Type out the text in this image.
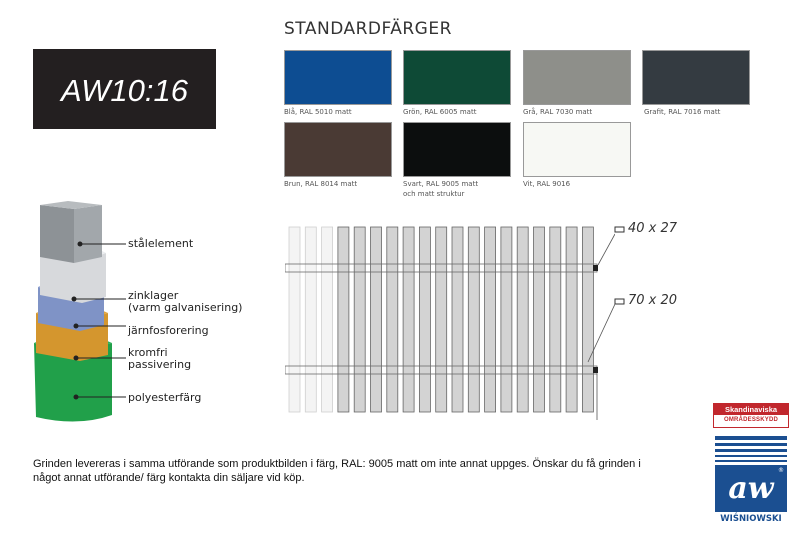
AW10:16
STANDARDFÄRGER
Blå, RAL 5010 matt	Grön, RAL 6005 matt	Grå, RAL 7030 matt	Grafit, RAL 7016 matt
Brun, RAL 8014 matt	Svart, RAL 9005 matt
och matt struktur
Vit, RAL 9016
stålelement
zinklager
(varm galvanisering)
järnfosforering
kromfri
passivering
polyesterfärg
40 x 27
70 x 20
Grinden levereras i samma utförande som produktbilden i färg, RAL: 9005 matt om inte annat uppges. Önskar du få grinden i något annat utförande/ färg kontakta din säljare vid köp.
Skandinaviska
OMRÅDESSKYDD
aw
®
WIŚNIOWSKI
